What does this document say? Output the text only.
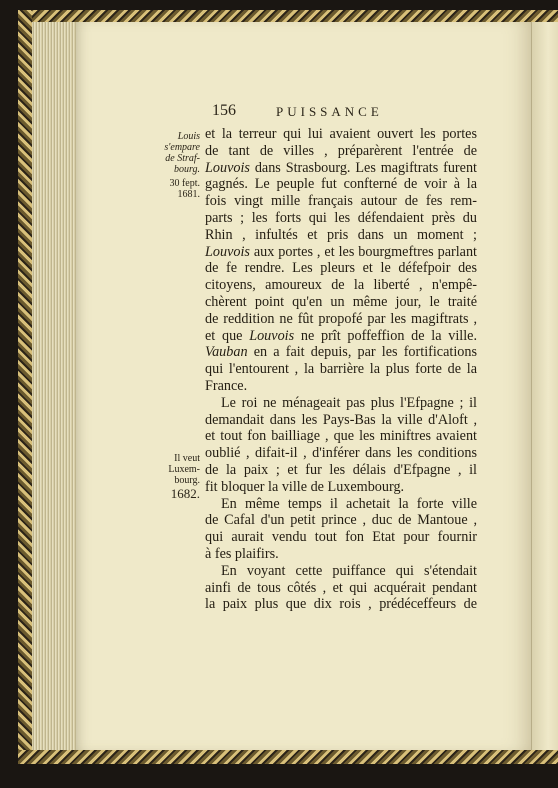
156	PUISSANCE
Louis s'empare de Straf-bourg.
30 fept. 1681.
Il veut Luxem-bourg.
1682.
et la terreur qui lui avaient ouvert les portes
de tant de villes , préparèrent l'entrée de
Louvois dans Strasbourg. Les magiftrats furent
gagnés. Le peuple fut confterné de voir à la
fois vingt mille français autour de fes rem-
parts ; les forts qui les défendaient près du
Rhin , infultés et pris dans un moment ;
Louvois aux portes , et les bourgmeftres parlant
de fe rendre. Les pleurs et le défefpoir des
citoyens, amoureux de la liberté , n'empê-
chèrent point qu'en un même jour, le traité
de reddition ne fût propofé par les magiftrats ,
et que Louvois ne prît poffeffion de la ville.
Vauban en a fait depuis, par les fortifications
qui l'entourent , la barrière la plus forte de la
France.
Le roi ne ménageait pas plus l'Efpagne ; il
demandait dans les Pays-Bas la ville d'Aloft ,
et tout fon bailliage , que les miniftres avaient
oublié , difait-il , d'inférer dans les conditions
de la paix ; et fur les délais d'Efpagne , il
fit bloquer la ville de Luxembourg.
En même temps il achetait la forte ville
de Cafal d'un petit prince , duc de Mantoue ,
qui aurait vendu tout fon Etat pour fournir
à fes plaifirs.
En voyant cette puiffance qui s'étendait
ainfi de tous côtés , et qui acquérait pendant
la paix plus que dix rois , prédéceffeurs de
